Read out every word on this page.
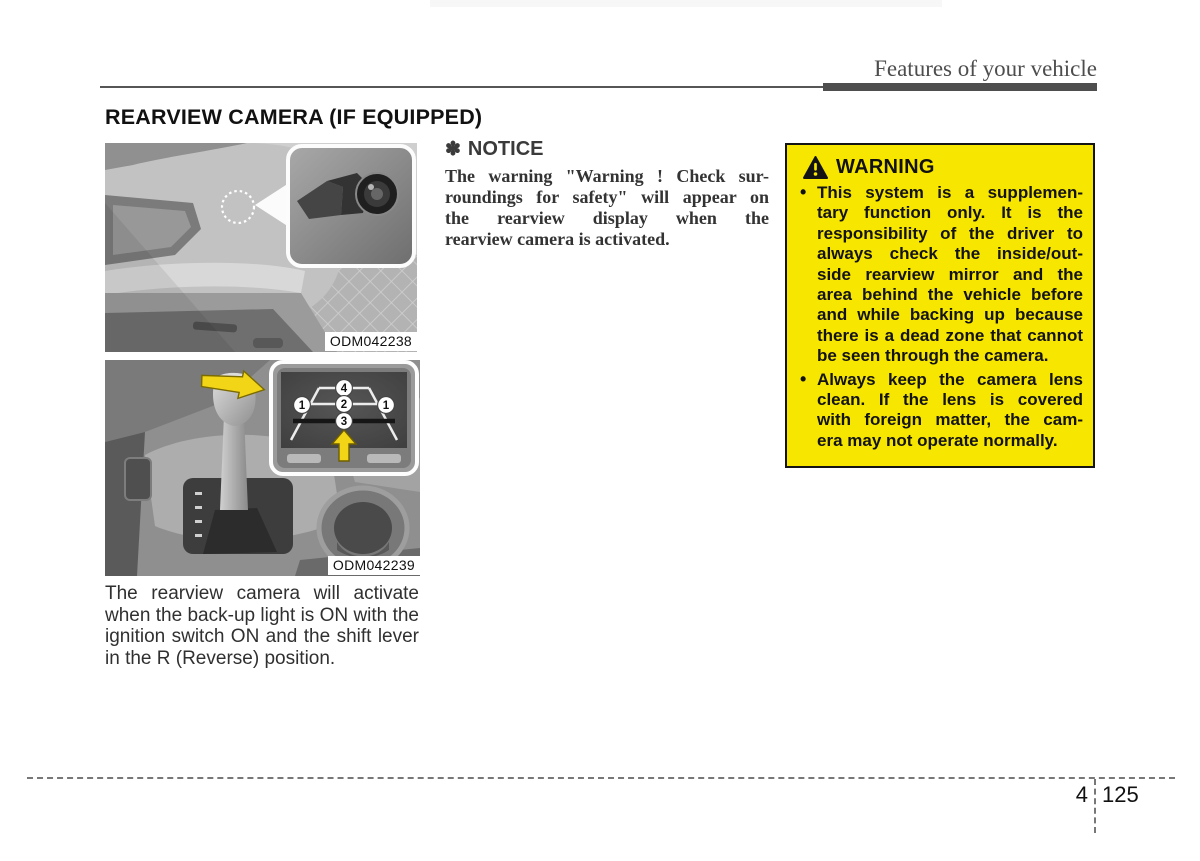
Features of your vehicle
REARVIEW CAMERA (IF EQUIPPED)
ODM042238
4
2
3
1	1
ODM042239
The rearview camera will activate
when the back-up light is ON with the
ignition switch ON and the shift lever
in the R (Reverse) position.
✽ NOTICE
The warning "Warning ! Check sur-
roundings for safety" will appear on
the rearview display when the
rearview camera is activated.
WARNING
• This system is a supplemen-
tary function only. It is the
responsibility of the driver to
always check the inside/out-
side rearview mirror and the
area behind the vehicle before
and while backing up because
there is a dead zone that cannot
be seen through the camera.
• Always keep the camera lens
clean. If the lens is covered
with foreign matter, the cam-
era may not operate normally.
4 125
